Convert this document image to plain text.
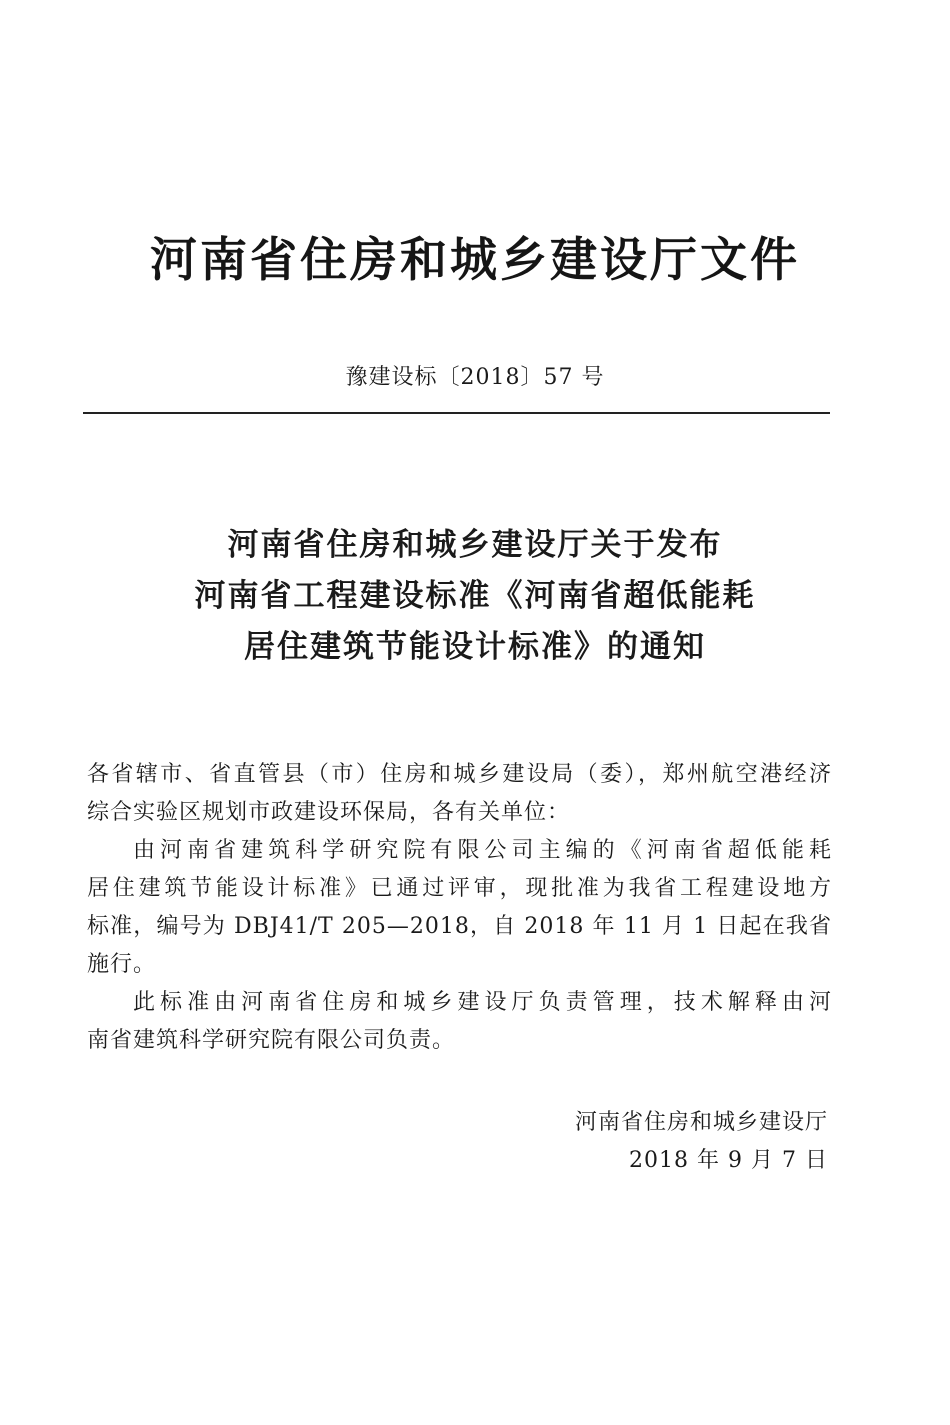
河南省住房和城乡建设厅文件
豫建设标〔2018〕57 号
河南省住房和城乡建设厅关于发布
河南省工程建设标准《河南省超低能耗
居住建筑节能设计标准》的通知
各省辖市、省直管县（市）住房和城乡建设局（委），郑州航空港经济
综合实验区规划市政建设环保局，各有关单位：
由河南省建筑科学研究院有限公司主编的《河南省超低能耗
居住建筑节能设计标准》已通过评审，现批准为我省工程建设地方
标准，编号为 DBJ41/T 205—2018，自 2018 年 11 月 1 日起在我省
施行。
此标准由河南省住房和城乡建设厅负责管理，技术解释由河
南省建筑科学研究院有限公司负责。
河南省住房和城乡建设厅
2018 年 9 月 7 日
